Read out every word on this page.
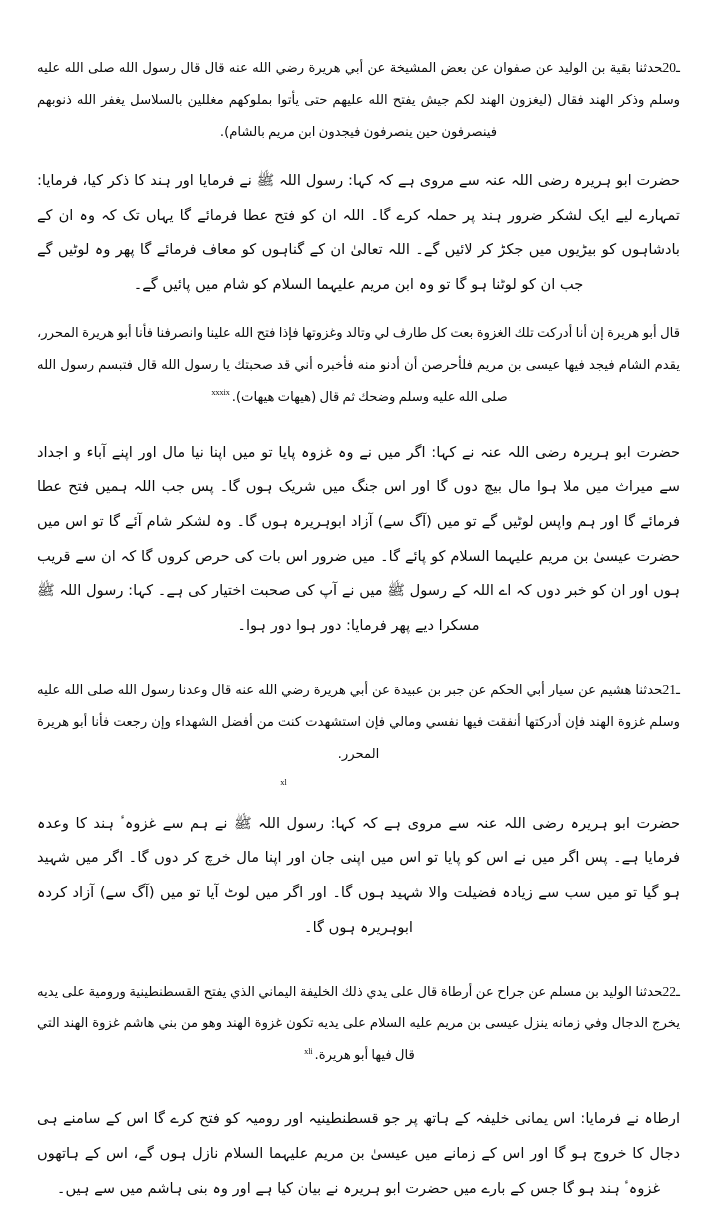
20ـحدثنا بقية بن الوليد عن صفوان عن بعض المشيخة عن أبي هريرة رضي الله عنه قال قال رسول الله صلى الله عليه وسلم وذكر الهند فقال (ليغزون الهند لكم جيش يفتح الله عليهم حتى يأتوا بملوكهم مغللين بالسلاسل يغفر الله ذنوبهم فينصرفون حين ينصرفون فيجدون ابن مريم بالشام).

حضرت ابو ہریرہ رضی اللہ عنہ سے مروی ہے کہ کہا: رسول اللہ ﷺ نے فرمایا اور ہند کا ذکر کیا، فرمایا: تمہارے لیے ایک لشکر ضرور ہند پر حملہ کرے گا۔ اللہ ان کو فتح عطا فرمائے گا یہاں تک کہ وہ ان کے بادشاہوں کو بیڑیوں میں جکڑ کر لائیں گے۔ اللہ تعالیٰ ان کے گناہوں کو معاف فرمائے گا پھر وہ لوٹیں گے جب ان کو لوٹنا ہو گا تو وہ ابن مریم علیہما السلام کو شام میں پائیں گے۔

قال أبو هريرة إن أنا أدركت تلك الغزوة بعت كل طارف لي وتالد وغزوتها فإذا فتح الله علينا وانصرفنا فأنا أبو هريرة المحرر، يقدم الشام فيجد فيها عيسى بن مريم فلأحرصن أن أدنو منه فأخبره أني قد صحبتك يا رسول الله قال فتبسم رسول الله صلى الله عليه وسلم وضحك ثم قال (هيهات هيهات).xxxix

حضرت ابو ہریرہ رضی اللہ عنہ نے کہا: اگر میں نے وہ غزوہ پایا تو میں اپنا نیا مال اور اپنے آباء و اجداد سے میراث میں ملا ہوا مال بیچ دوں گا اور اس جنگ میں شریک ہوں گا۔ پس جب اللہ ہمیں فتح عطا فرمائے گا اور ہم واپس لوٹیں گے تو میں (آگ سے) آزاد ابوہریرہ ہوں گا۔ وہ لشکر شام آئے گا تو اس میں حضرت عیسیٰ بن مریم علیہما السلام کو پائے گا۔ میں ضرور اس بات کی حرص کروں گا کہ ان سے قریب ہوں اور ان کو خبر دوں کہ اے اللہ کے رسول ﷺ میں نے آپ کی صحبت اختیار کی ہے۔ کہا: رسول اللہ ﷺ مسکرا دیے پھر فرمایا: دور ہوا دور ہوا۔

21ـحدثنا هشيم عن سيار أبي الحكم عن جبر بن عبيدة عن أبي هريرة رضي الله عنه قال وعدنا رسول الله صلى الله عليه وسلم غزوة الهند فإن أدركتها أنفقت فيها نفسي ومالي فإن استشهدت كنت من أفضل الشهداء وإن رجعت فأنا أبو هريرة المحرر.

xl

حضرت ابو ہریرہ رضی اللہ عنہ سے مروی ہے کہ کہا: رسول اللہ ﷺ نے ہم سے غزوہٴ ہند کا وعدہ فرمایا ہے۔ پس اگر میں نے اس کو پایا تو اس میں اپنی جان اور اپنا مال خرچ کر دوں گا۔ اگر میں شہید ہو گیا تو میں سب سے زیادہ فضیلت والا شہید ہوں گا۔ اور اگر میں لوٹ آیا تو میں (آگ سے) آزاد کردہ ابوہریرہ ہوں گا۔

22ـحدثنا الوليد بن مسلم عن جراح عن أرطاة قال على يدي ذلك الخليفة اليماني الذي يفتح القسطنطينية ورومية على يديه يخرج الدجال وفي زمانه ينزل عيسى بن مريم عليه السلام على يديه تكون غزوة الهند وهو من بني هاشم غزوة الهند التي قال فيها أبو هريرة.xli

ارطاہ نے فرمایا: اس یمانی خلیفہ کے ہاتھ پر جو قسطنطینیہ اور رومیہ کو فتح کرے گا اس کے سامنے ہی دجال کا خروج ہو گا اور اس کے زمانے میں عیسیٰ بن مریم علیہما السلام نازل ہوں گے، اس کے ہاتھوں غزوہٴ ہند ہو گا جس کے بارے میں حضرت ابو ہریرہ نے بیان کیا ہے اور وہ بنی ہاشم میں سے ہیں۔
